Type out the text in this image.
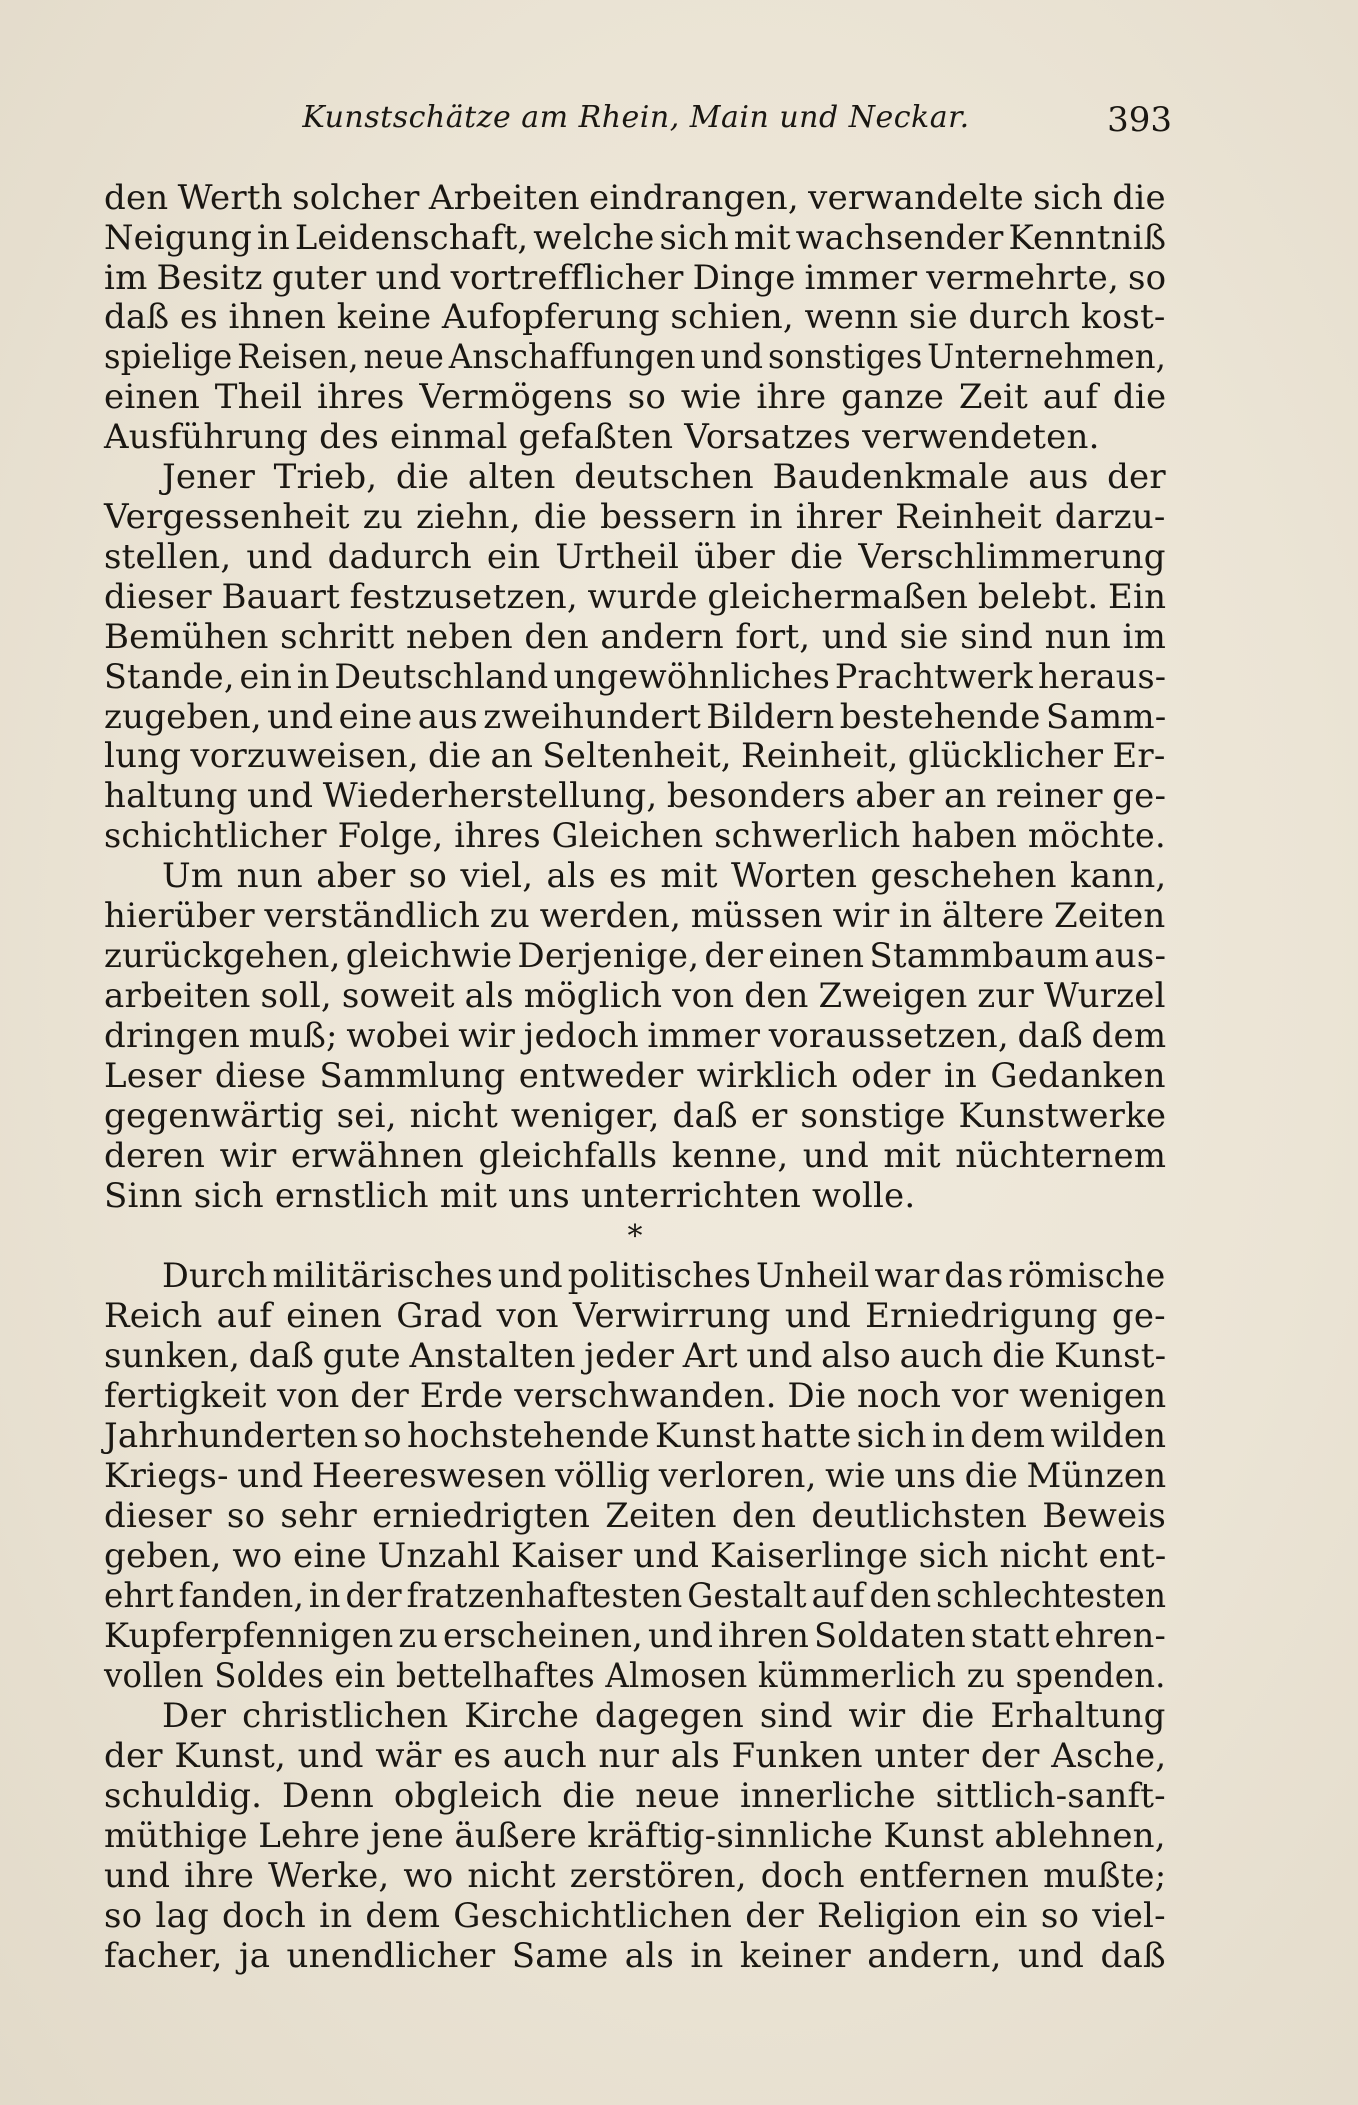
Kunstschätze am Rhein, Main und Neckar.	393
den Werth solcher Arbeiten eindrangen, verwandelte sich die
Neigung in Leidenschaft, welche sich mit wachsender Kenntniß
im Besitz guter und vortrefflicher Dinge immer vermehrte, so
daß es ihnen keine Aufopferung schien, wenn sie durch kost-
spielige Reisen, neue Anschaffungen und sonstiges Unternehmen,
einen Theil ihres Vermögens so wie ihre ganze Zeit auf die
Ausführung des einmal gefaßten Vorsatzes verwendeten.
Jener Trieb, die alten deutschen Baudenkmale aus der
Vergessenheit zu ziehn, die bessern in ihrer Reinheit darzu-
stellen, und dadurch ein Urtheil über die Verschlimmerung
dieser Bauart festzusetzen, wurde gleichermaßen belebt. Ein
Bemühen schritt neben den andern fort, und sie sind nun im
Stande, ein in Deutschland ungewöhnliches Prachtwerk heraus-
zugeben, und eine aus zweihundert Bildern bestehende Samm-
lung vorzuweisen, die an Seltenheit, Reinheit, glücklicher Er-
haltung und Wiederherstellung, besonders aber an reiner ge-
schichtlicher Folge, ihres Gleichen schwerlich haben möchte.
Um nun aber so viel, als es mit Worten geschehen kann,
hierüber verständlich zu werden, müssen wir in ältere Zeiten
zurückgehen, gleichwie Derjenige, der einen Stammbaum aus-
arbeiten soll, soweit als möglich von den Zweigen zur Wurzel
dringen muß; wobei wir jedoch immer voraussetzen, daß dem
Leser diese Sammlung entweder wirklich oder in Gedanken
gegenwärtig sei, nicht weniger, daß er sonstige Kunstwerke
deren wir erwähnen gleichfalls kenne, und mit nüchternem
Sinn sich ernstlich mit uns unterrichten wolle.
Durch militärisches und politisches Unheil war das römische
Reich auf einen Grad von Verwirrung und Erniedrigung ge-
sunken, daß gute Anstalten jeder Art und also auch die Kunst-
fertigkeit von der Erde verschwanden. Die noch vor wenigen
Jahrhunderten so hochstehende Kunst hatte sich in dem wilden
Kriegs- und Heereswesen völlig verloren, wie uns die Münzen
dieser so sehr erniedrigten Zeiten den deutlichsten Beweis
geben, wo eine Unzahl Kaiser und Kaiserlinge sich nicht ent-
ehrt fanden, in der fratzenhaftesten Gestalt auf den schlechtesten
Kupferpfennigen zu erscheinen, und ihren Soldaten statt ehren-
vollen Soldes ein bettelhaftes Almosen kümmerlich zu spenden.
Der christlichen Kirche dagegen sind wir die Erhaltung
der Kunst, und wär es auch nur als Funken unter der Asche,
schuldig. Denn obgleich die neue innerliche sittlich-sanft-
müthige Lehre jene äußere kräftig-sinnliche Kunst ablehnen,
und ihre Werke, wo nicht zerstören, doch entfernen mußte;
so lag doch in dem Geschichtlichen der Religion ein so viel-
facher, ja unendlicher Same als in keiner andern, und daß
*
